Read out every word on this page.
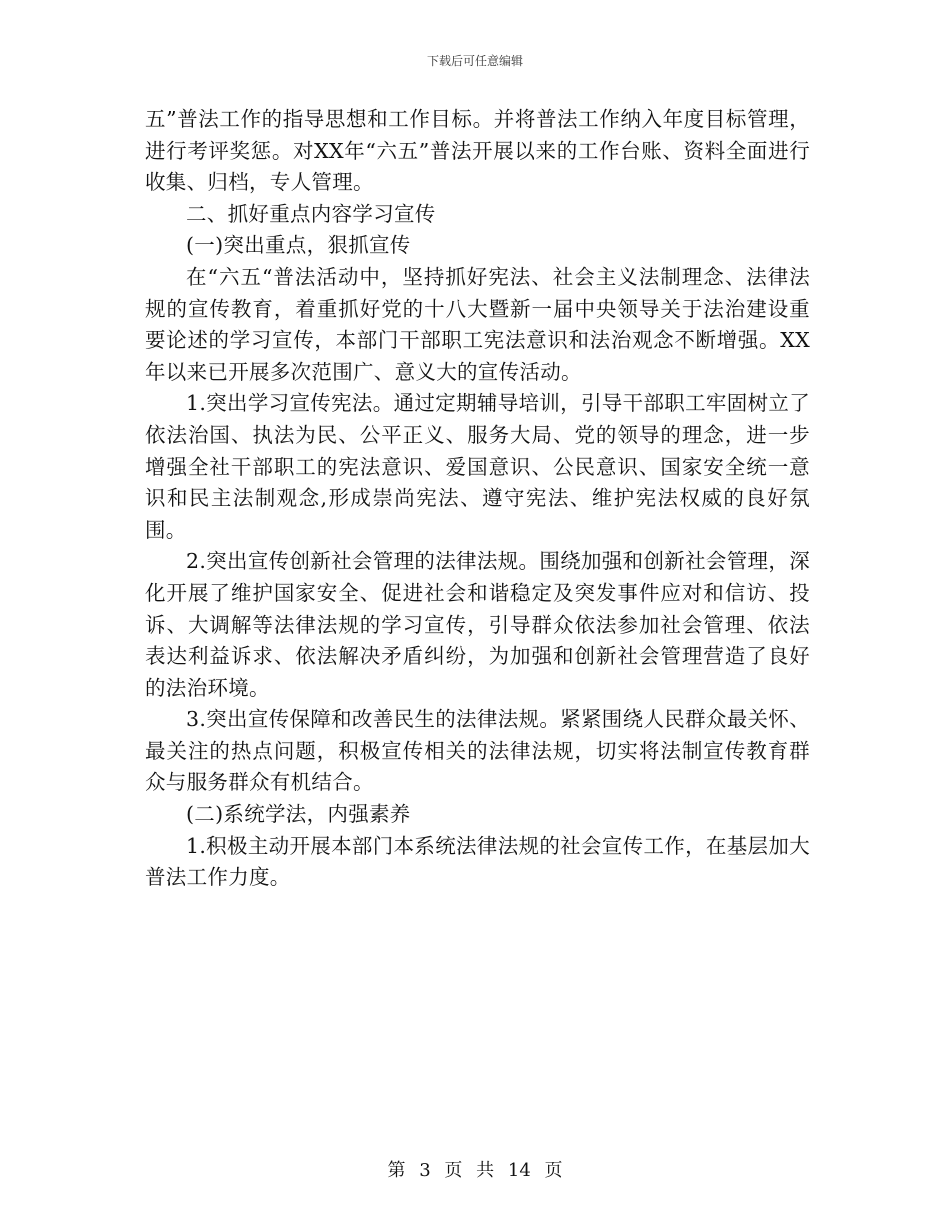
下载后可任意编辑

五”普法工作的指导思想和工作目标。并将普法工作纳入年度目标管理，进行考评奖惩。对XX年“六五”普法开展以来的工作台账、资料全面进行收集、归档，专人管理。

二、抓好重点内容学习宣传

(一)突出重点，狠抓宣传

在“六五“普法活动中，坚持抓好宪法、社会主义法制理念、法律法规的宣传教育，着重抓好党的十八大暨新一届中央领导关于法治建设重要论述的学习宣传，本部门干部职工宪法意识和法治观念不断增强。XX年以来已开展多次范围广、意义大的宣传活动。

1.突出学习宣传宪法。通过定期辅导培训，引导干部职工牢固树立了依法治国、执法为民、公平正义、服务大局、党的领导的理念，进一步增强全社干部职工的宪法意识、爱国意识、公民意识、国家安全统一意识和民主法制观念,形成崇尚宪法、遵守宪法、维护宪法权威的良好氛围。

2.突出宣传创新社会管理的法律法规。围绕加强和创新社会管理，深化开展了维护国家安全、促进社会和谐稳定及突发事件应对和信访、投诉、大调解等法律法规的学习宣传，引导群众依法参加社会管理、依法表达利益诉求、依法解决矛盾纠纷，为加强和创新社会管理营造了良好的法治环境。

3.突出宣传保障和改善民生的法律法规。紧紧围绕人民群众最关怀、最关注的热点问题，积极宣传相关的法律法规，切实将法制宣传教育群众与服务群众有机结合。

(二)系统学法，内强素养

1.积极主动开展本部门本系统法律法规的社会宣传工作，在基层加大普法工作力度。

第 3 页 共 14 页
